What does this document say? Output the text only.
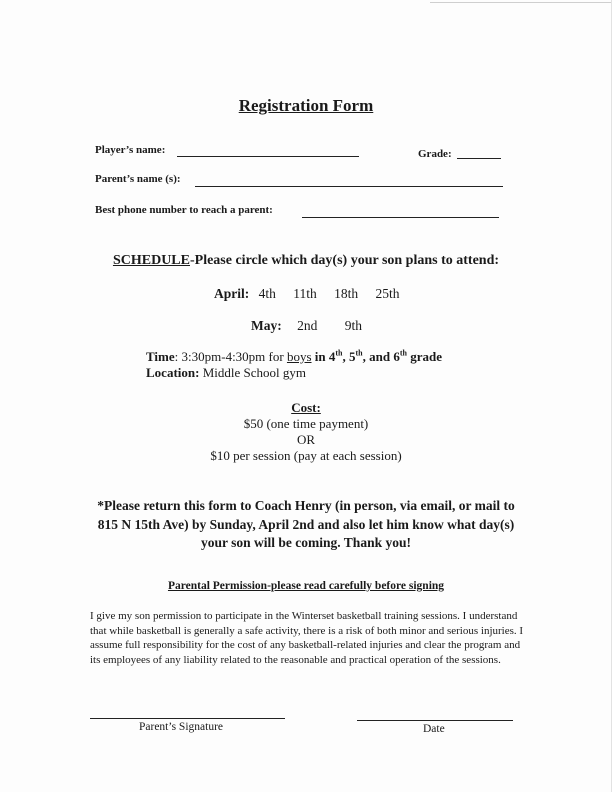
Registration Form
Player’s name:	Grade:
Parent’s name (s):
Best phone number to reach a parent:
SCHEDULE-Please circle which day(s) your son plans to attend:
April: 4th 11th 18th 25th
May: 2nd 9th
Time: 3:30pm-4:30pm for boys in 4th, 5th, and 6th grade
Location: Middle School gym
Cost:
$50 (one time payment)
OR
$10 per session (pay at each session)
*Please return this form to Coach Henry (in person, via email, or mail to 815 N 15th Ave) by Sunday, April 2nd and also let him know what day(s) your son will be coming. Thank you!
Parental Permission-please read carefully before signing
I give my son permission to participate in the Winterset basketball training sessions. I understand that while basketball is generally a safe activity, there is a risk of both minor and serious injuries. I assume full responsibility for the cost of any basketball-related injuries and clear the program and its employees of any liability related to the reasonable and practical operation of the sessions.
Parent’s Signature	Date
